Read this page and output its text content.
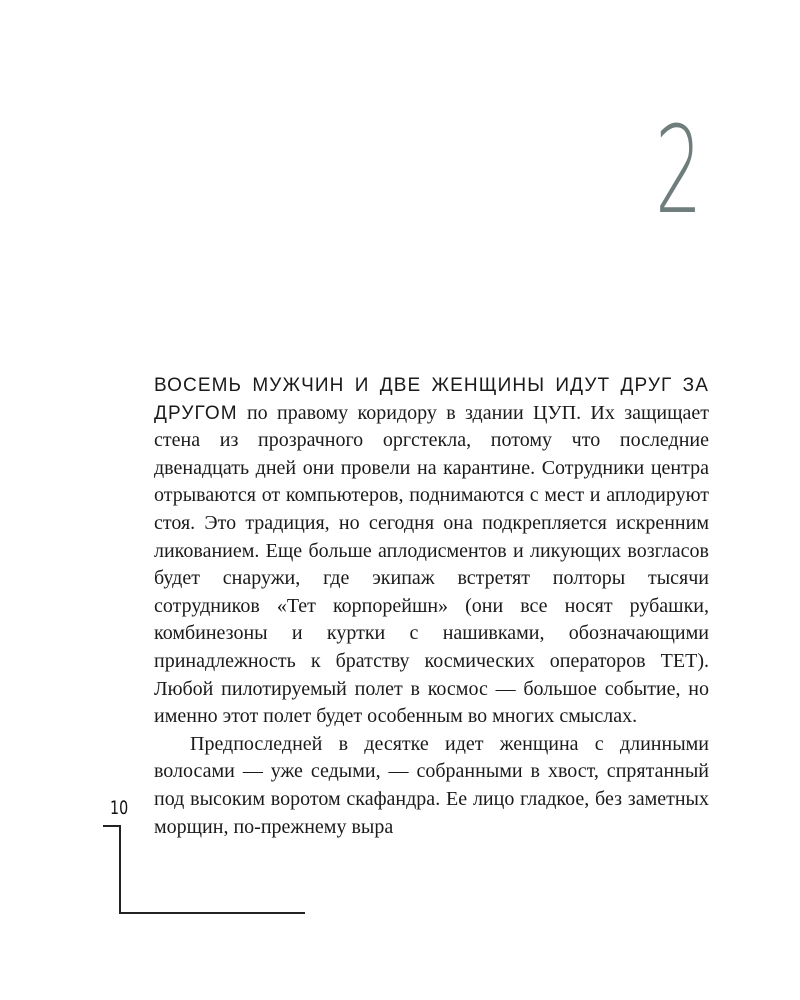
2

ВОСЕМЬ МУЖЧИН И ДВЕ ЖЕНЩИНЫ ИДУТ ДРУГ ЗА ДРУГОМ по правому коридору в здании ЦУП. Их защищает стена из прозрачного оргстекла, потому что последние двенадцать дней они провели на карантине. Сотрудники центра отрываются от компьютеров, поднимаются с мест и аплодируют стоя. Это традиция, но сегодня она подкрепляется искренним ликованием. Еще больше аплодисментов и ликующих возгласов будет снаружи, где экипаж встретят полторы тысячи сотрудников «Тет корпорейшн» (они все носят рубашки, комбинезоны и куртки с нашивками, обозначающими принадлежность к братству космических операторов ТЕТ). Любой пилотируемый полет в космос — большое событие, но именно этот полет будет особенным во многих смыслах.

Предпоследней в десятке идет женщина с длинными волосами — уже седыми, — собранными в хвост, спрятанный под высоким воротом скафандра. Ее лицо гладкое, без заметных морщин, по-прежнему выра

10
